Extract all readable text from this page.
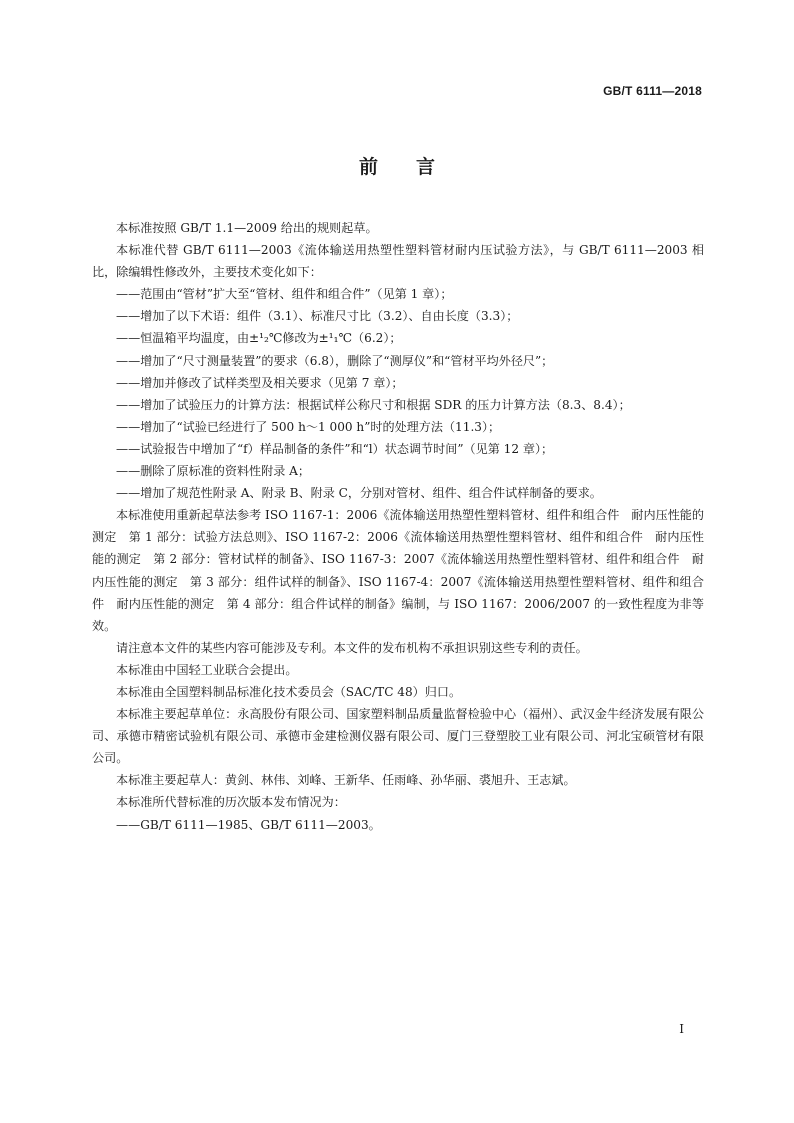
GB/T 6111—2018
前言

本标准按照 GB/T 1.1—2009 给出的规则起草。

本标准代替 GB/T 6111—2003《流体输送用热塑性塑料管材耐内压试验方法》，与 GB/T 6111—2003 相比，除编辑性修改外，主要技术变化如下：

——范围由“管材”扩大至“管材、组件和组合件”（见第 1 章）；

——增加了以下术语：组件（3.1）、标准尺寸比（3.2）、自由长度（3.3）；

——恒温箱平均温度，由±¹₂℃修改为±¹₁℃（6.2）；

——增加了“尺寸测量装置”的要求（6.8），删除了“测厚仪”和“管材平均外径尺”；

——增加并修改了试样类型及相关要求（见第 7 章）；

——增加了试验压力的计算方法：根据试样公称尺寸和根据 SDR 的压力计算方法（8.3、8.4）；

——增加了“试验已经进行了 500 h～1 000 h”时的处理方法（11.3）；

——试验报告中增加了“f）样品制备的条件”和“l）状态调节时间”（见第 12 章）；

——删除了原标准的资料性附录 A；

——增加了规范性附录 A、附录 B、附录 C，分别对管材、组件、组合件试样制备的要求。

本标准使用重新起草法参考 ISO 1167-1：2006《流体输送用热塑性塑料管材、组件和组合件　耐内压性能的测定　第 1 部分：试验方法总则》、ISO 1167-2：2006《流体输送用热塑性塑料管材、组件和组合件　耐内压性能的测定　第 2 部分：管材试样的制备》、ISO 1167-3：2007《流体输送用热塑性塑料管材、组件和组合件　耐内压性能的测定　第 3 部分：组件试样的制备》、ISO 1167-4：2007《流体输送用热塑性塑料管材、组件和组合件　耐内压性能的测定　第 4 部分：组合件试样的制备》编制，与 ISO 1167：2006/2007 的一致性程度为非等效。

请注意本文件的某些内容可能涉及专利。本文件的发布机构不承担识别这些专利的责任。

本标准由中国轻工业联合会提出。

本标准由全国塑料制品标准化技术委员会（SAC/TC 48）归口。

本标准主要起草单位：永高股份有限公司、国家塑料制品质量监督检验中心（福州）、武汉金牛经济发展有限公司、承德市精密试验机有限公司、承德市金建检测仪器有限公司、厦门三登塑胶工业有限公司、河北宝硕管材有限公司。

本标准主要起草人：黄剑、林伟、刘峰、王新华、任雨峰、孙华丽、裘旭升、王志斌。

本标准所代替标准的历次版本发布情况为：

——GB/T 6111—1985、GB/T 6111—2003。

I
